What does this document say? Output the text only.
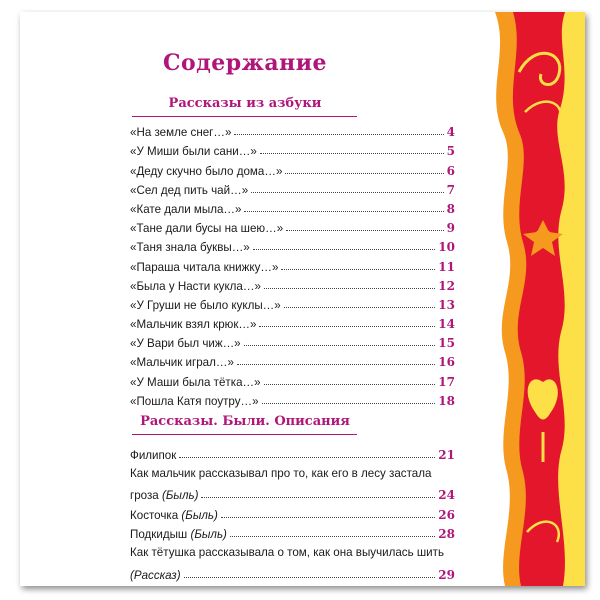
Содержание
Рассказы из азбуки
«На земле снег…»	4
«У Миши были сани…»	5
«Деду скучно было дома…»	6
«Сел дед пить чай…»	7
«Кате дали мыла…»	8
«Тане дали бусы на шею…»	9
«Таня знала буквы…»	10
«Параша читала книжку…»	11
«Была у Насти кукла…»	12
«У Груши не было куклы…»	13
«Мальчик взял крюк…»	14
«У Вари был чиж…»	15
«Мальчик играл…»	16
«У Маши была тётка…»	17
«Пошла Катя поутру…»	18
Рассказы. Были. Описания
Филипок	21
Как мальчик рассказывал про то, как его в лесу застала
гроза (Быль)	24
Косточка (Быль)	26
Подкидыш (Быль)	28
Как тётушка рассказывала о том, как она выучилась шить
(Рассказ)	29
